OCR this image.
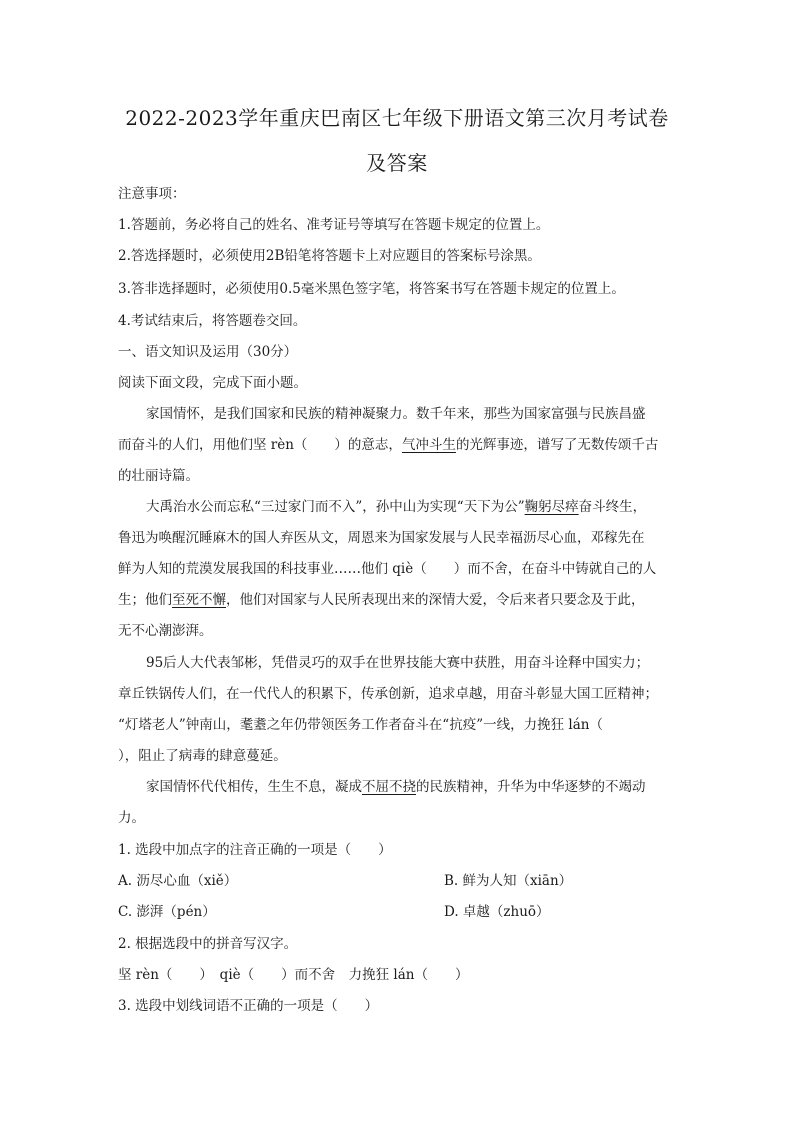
2022-2023学年重庆巴南区七年级下册语文第三次月考试卷
及答案
注意事项：
1.答题前，务必将自己的姓名、准考证号等填写在答题卡规定的位置上。
2.答选择题时，必须使用2B铅笔将答题卡上对应题目的答案标号涂黑。
3.答非选择题时，必须使用0.5毫米黑色签字笔，将答案书写在答题卡规定的位置上。
4.考试结束后，将答题卷交回。
一、语文知识及运用（30分）
阅读下面文段，完成下面小题。
家国情怀，是我们国家和民族的精神凝聚力。数千年来，那些为国家富强与民族昌盛
而奋斗的人们，用他们坚 rèn（　　）的意志，气冲斗生的光辉事迹，谱写了无数传颂千古
的壮丽诗篇。
大禹治水公而忘私“三过家门而不入”，孙中山为实现“天下为公”鞠躬尽瘁奋斗终生，
鲁迅为唤醒沉睡麻木的国人弃医从文，周恩来为国家发展与人民幸福沥尽心血，邓稼先在
鲜为人知的荒漠发展我国的科技事业……他们 qiè（　　）而不舍，在奋斗中铸就自己的人
生；他们至死不懈，他们对国家与人民所表现出来的深情大爱，令后来者只要念及于此，
无不心潮澎湃。
95后人大代表邹彬，凭借灵巧的双手在世界技能大赛中获胜，用奋斗诠释中国实力；
章丘铁锅传人们，在一代代人的积累下，传承创新，追求卓越，用奋斗彰显大国工匠精神；
“灯塔老人”钟南山，耄耋之年仍带领医务工作者奋斗在“抗疫”一线，力挽狂 lán（
），阻止了病毒的肆意蔓延。
家国情怀代代相传，生生不息，凝成不屈不挠的民族精神，升华为中华逐梦的不竭动
力。
1. 选段中加点字的注音正确的一项是（　　）
A. 沥尽心血（xiě）	B. 鲜为人知（xiān）
C. 澎湃（pén）	D. 卓越（zhuō）
2. 根据选段中的拼音写汉字。
坚 rèn（　　）　qiè（　　）而不舍　力挽狂 lán（　　）
3. 选段中划线词语不正确的一项是（　　）
